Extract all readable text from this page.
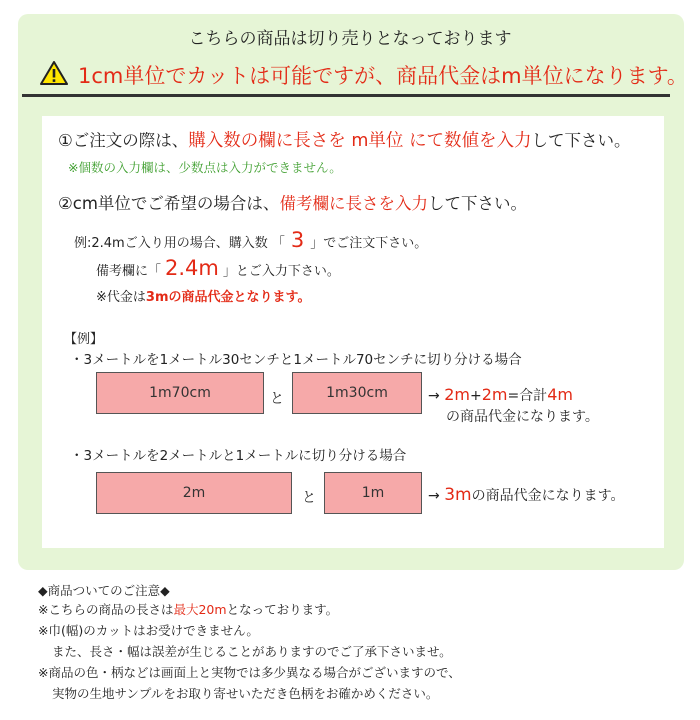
こちらの商品は切り売りとなっております
1cm単位でカットは可能ですが、商品代金はm単位になります。
①ご注文の際は、購入数の欄に長さを m単位 にて数値を入力して下さい。
※個数の入力欄は、少数点は入力ができません。
②cm単位でご希望の場合は、備考欄に長さを入力して下さい。
例:2.4mご入り用の場合、購入数 「 3 」でご注文下さい。
備考欄に「 2.4m 」とご入力下さい。
※代金は3mの商品代金となります。
【例】
・3メートルを1メートル30センチと1メートル70センチに切り分ける場合
1m70cm	と	1m30cm	→ 2m+2m=合計4m
の商品代金になります。
・3メートルを2メートルと1メートルに切り分ける場合
2m	と	1m	→ 3mの商品代金になります。
◆商品ついてのご注意◆
※こちらの商品の長さは最大20mとなっております。
※巾(幅)のカットはお受けできません。
また、長さ・幅は誤差が生じることがありますのでご了承下さいませ。
※商品の色・柄などは画面上と実物では多少異なる場合がございますので、
実物の生地サンプルをお取り寄せいただき色柄をお確かめください。
